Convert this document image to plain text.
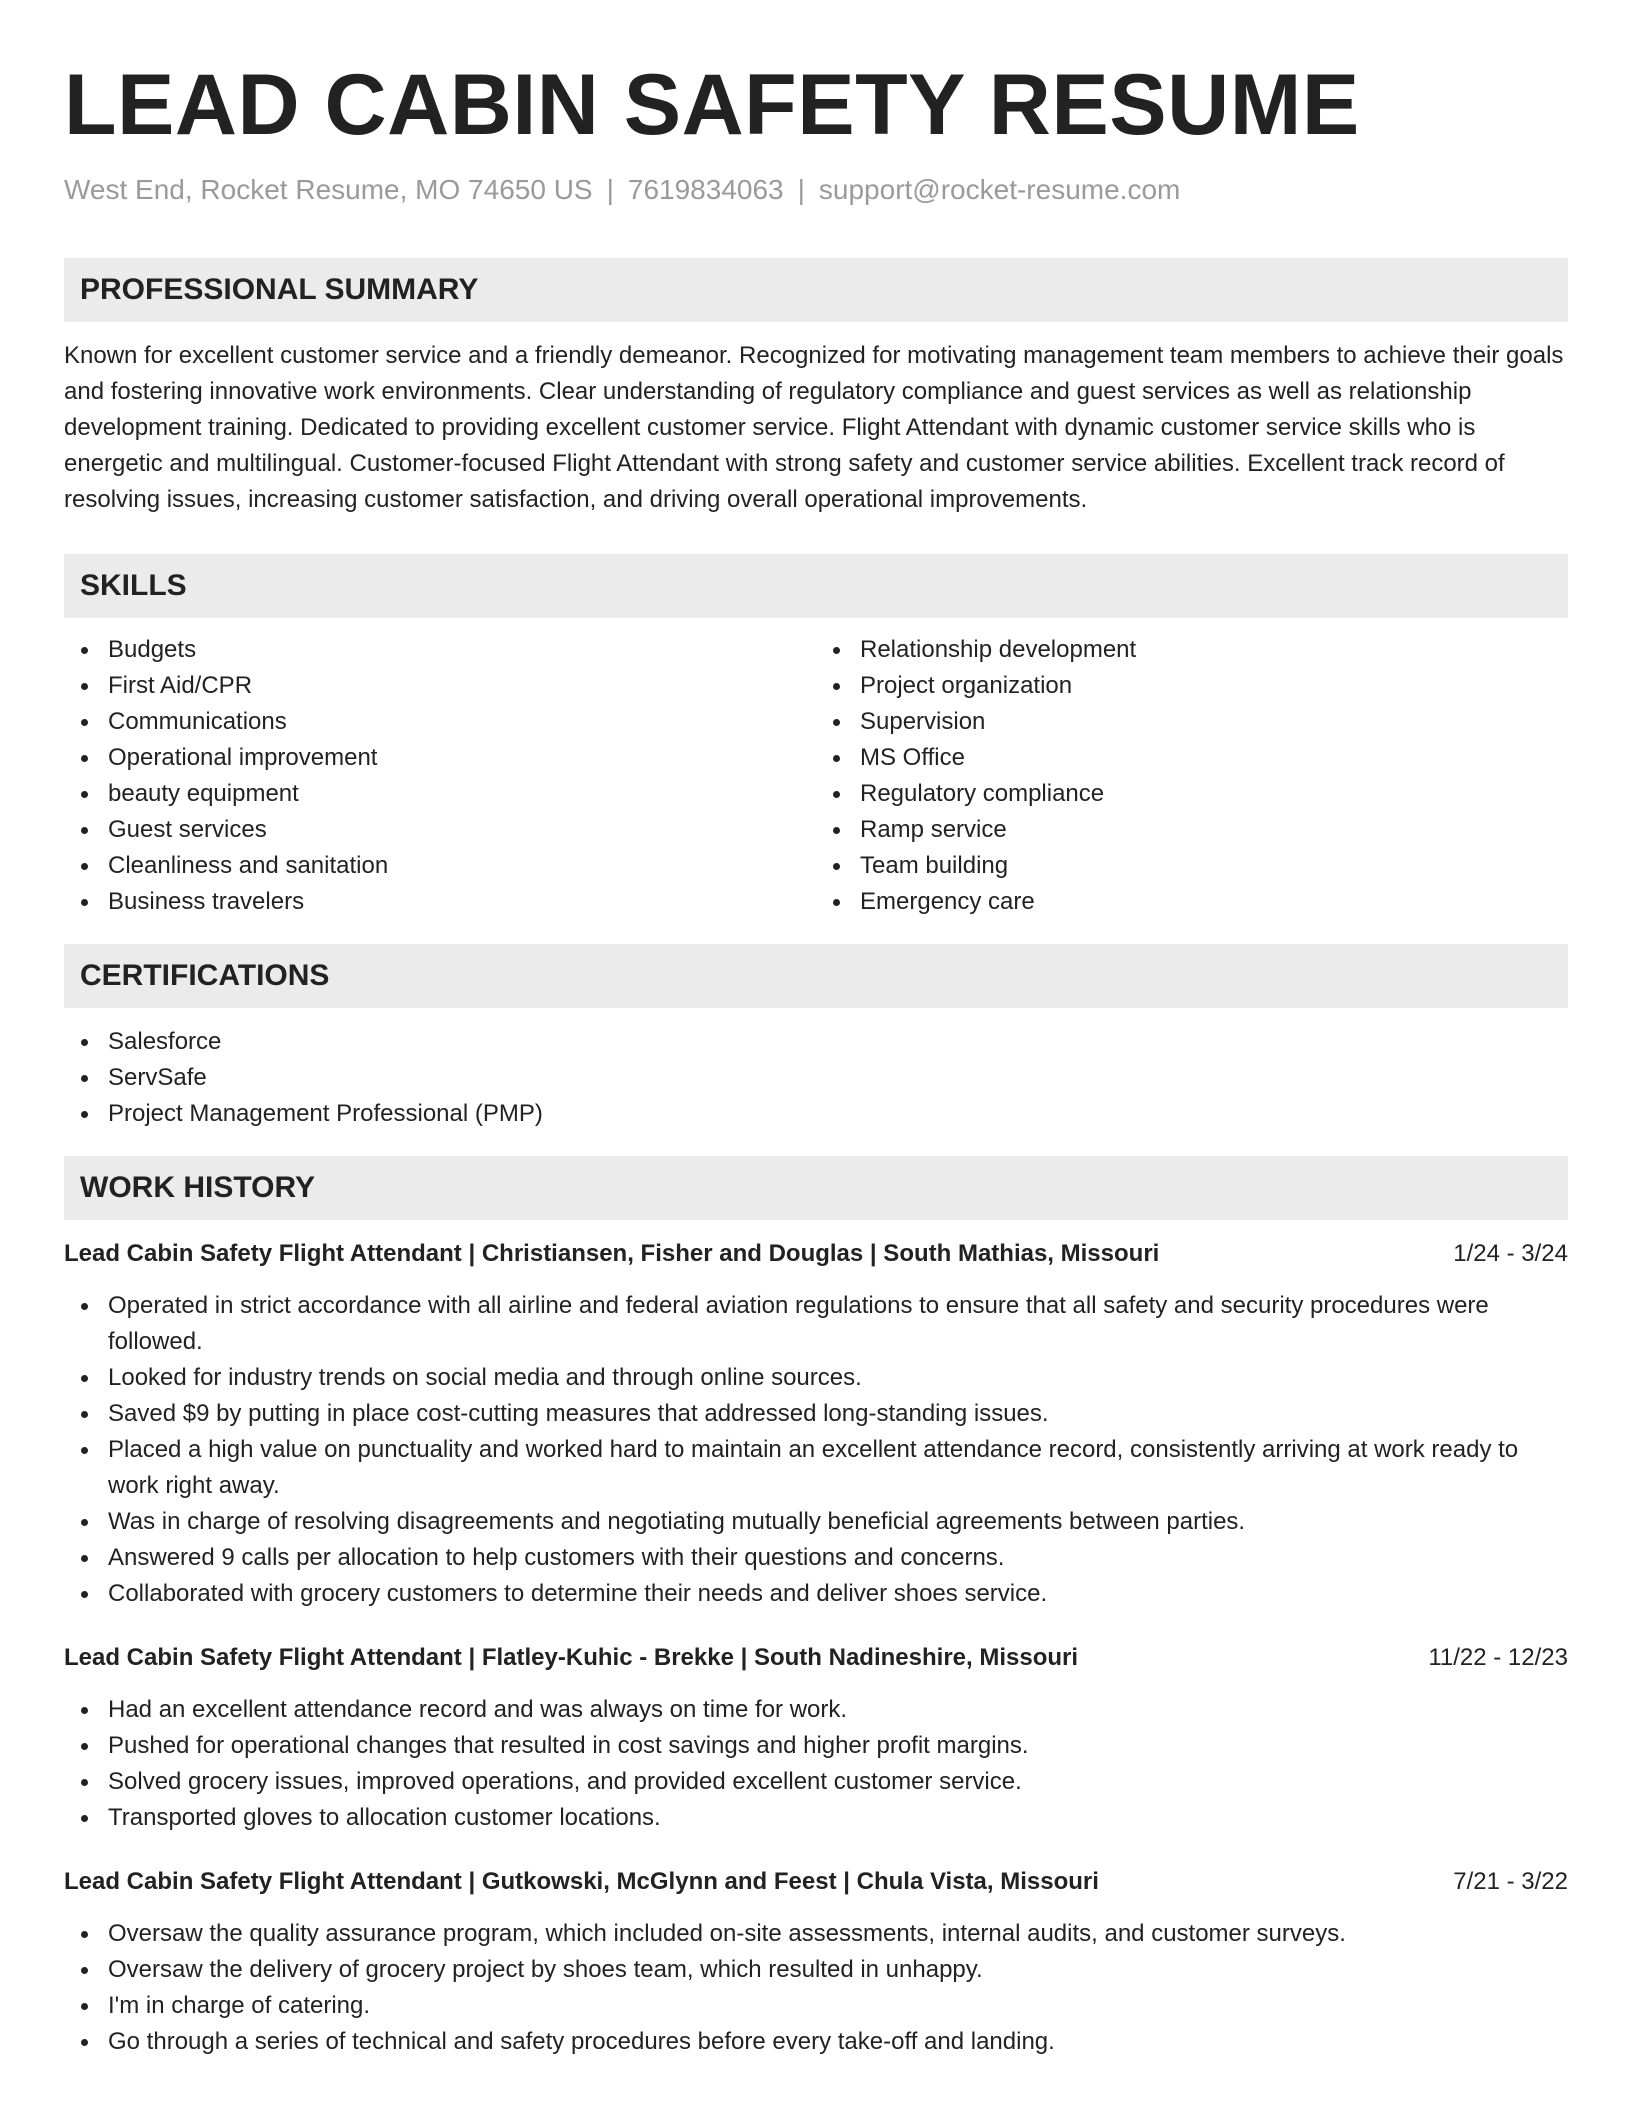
LEAD CABIN SAFETY RESUME
West End, Rocket Resume, MO 74650 US | 7619834063 | support@rocket-resume.com
PROFESSIONAL SUMMARY

Known for excellent customer service and a friendly demeanor. Recognized for motivating management team members to achieve their goals and fostering innovative work environments. Clear understanding of regulatory compliance and guest services as well as relationship development training. Dedicated to providing excellent customer service. Flight Attendant with dynamic customer service skills who is energetic and multilingual. Customer-focused Flight Attendant with strong safety and customer service abilities. Excellent track record of resolving issues, increasing customer satisfaction, and driving overall operational improvements.

SKILLS
Budgets
First Aid/CPR
Communications
Operational improvement
beauty equipment
Guest services
Cleanliness and sanitation
Business travelers
Relationship development
Project organization
Supervision
MS Office
Regulatory compliance
Ramp service
Team building
Emergency care
CERTIFICATIONS
Salesforce
ServSafe
Project Management Professional (PMP)
WORK HISTORY
Lead Cabin Safety Flight Attendant | Christiansen, Fisher and Douglas | South Mathias, Missouri	1/24 - 3/24
Operated in strict accordance with all airline and federal aviation regulations to ensure that all safety and security procedures were followed.
Looked for industry trends on social media and through online sources.
Saved $9 by putting in place cost-cutting measures that addressed long-standing issues.
Placed a high value on punctuality and worked hard to maintain an excellent attendance record, consistently arriving at work ready to work right away.
Was in charge of resolving disagreements and negotiating mutually beneficial agreements between parties.
Answered 9 calls per allocation to help customers with their questions and concerns.
Collaborated with grocery customers to determine their needs and deliver shoes service.
Lead Cabin Safety Flight Attendant | Flatley-Kuhic - Brekke | South Nadineshire, Missouri	11/22 - 12/23
Had an excellent attendance record and was always on time for work.
Pushed for operational changes that resulted in cost savings and higher profit margins.
Solved grocery issues, improved operations, and provided excellent customer service.
Transported gloves to allocation customer locations.
Lead Cabin Safety Flight Attendant | Gutkowski, McGlynn and Feest | Chula Vista, Missouri	7/21 - 3/22
Oversaw the quality assurance program, which included on-site assessments, internal audits, and customer surveys.
Oversaw the delivery of grocery project by shoes team, which resulted in unhappy.
I'm in charge of catering.
Go through a series of technical and safety procedures before every take-off and landing.
